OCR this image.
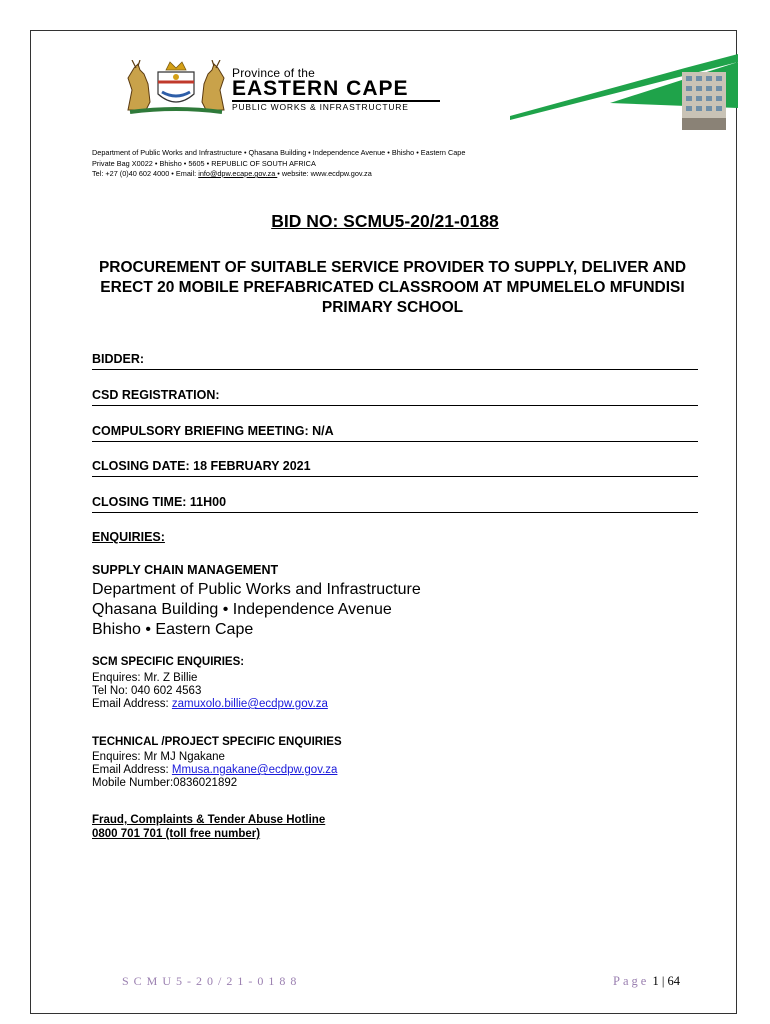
Province of the
EASTERN CAPE
PUBLIC WORKS & INFRASTRUCTURE
Department of Public Works and Infrastructure • Qhasana Building • Independence Avenue • Bhisho • Eastern Cape
Private Bag X0022 • Bhisho • 5605 • REPUBLIC OF SOUTH AFRICA
Tel: +27 (0)40 602 4000 • Email: info@dpw.ecape.gov.za • website: www.ecdpw.gov.za
BID NO: SCMU5-20/21-0188
PROCUREMENT OF SUITABLE SERVICE PROVIDER TO SUPPLY, DELIVER AND ERECT 20 MOBILE PREFABRICATED CLASSROOM AT MPUMELELO MFUNDISI PRIMARY SCHOOL
BIDDER:
CSD REGISTRATION:
COMPULSORY BRIEFING MEETING: N/A
CLOSING DATE: 18 FEBRUARY 2021
CLOSING TIME: 11H00
ENQUIRIES:
SUPPLY CHAIN MANAGEMENT
Department of Public Works and Infrastructure
Qhasana Building • Independence Avenue
Bhisho • Eastern Cape
SCM SPECIFIC ENQUIRIES:
Enquires: Mr. Z Billie
Tel No: 040 602 4563
Email Address: zamuxolo.billie@ecdpw.gov.za
TECHNICAL /PROJECT SPECIFIC ENQUIRIES
Enquires: Mr MJ Ngakane
Email Address: Mmusa.ngakane@ecdpw.gov.za
Mobile Number:0836021892
Fraud, Complaints & Tender Abuse Hotline
0800 701 701 (toll free number)
SCMU5-20/21-0188	Page 1 | 64
